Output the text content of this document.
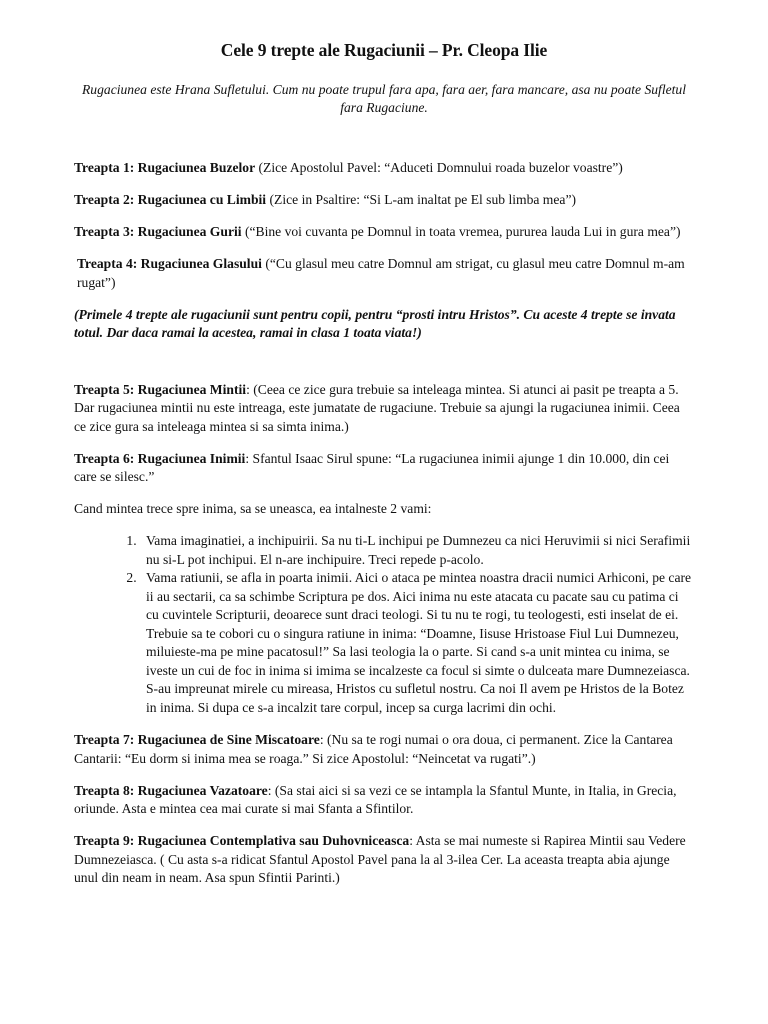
Cele 9 trepte ale Rugaciunii – Pr. Cleopa Ilie
Rugaciunea este Hrana Sufletului. Cum nu poate trupul fara apa, fara aer, fara mancare, asa nu poate Sufletul fara Rugaciune.

Treapta 1: Rugaciunea Buzelor (Zice Apostolul Pavel: “Aduceti Domnului roada buzelor voastre”)

Treapta 2: Rugaciunea cu Limbii (Zice in Psaltire: “Si L-am inaltat pe El sub limba mea”)

Treapta 3: Rugaciunea Gurii (“Bine voi cuvanta pe Domnul in toata vremea, pururea lauda Lui in gura mea”)

Treapta 4: Rugaciunea Glasului (“Cu glasul meu catre Domnul am strigat, cu glasul meu catre Domnul m-am rugat”)

(Primele 4 trepte ale rugaciunii sunt pentru copii, pentru “prosti intru Hristos”. Cu aceste 4 trepte se invata totul. Dar daca ramai la acestea, ramai in clasa 1 toata viata!)

Treapta 5: Rugaciunea Mintii: (Ceea ce zice gura trebuie sa inteleaga mintea. Si atunci ai pasit pe treapta a 5. Dar rugaciunea mintii nu este intreaga, este jumatate de rugaciune. Trebuie sa ajungi la rugaciunea inimii. Ceea ce zice gura sa inteleaga mintea si sa simta inima.)

Treapta 6: Rugaciunea Inimii: Sfantul Isaac Sirul spune: “La rugaciunea inimii ajunge 1 din 10.000, din cei care se silesc.”

Cand mintea trece spre inima, sa se uneasca, ea intalneste 2 vami:

1. Vama imaginatiei, a inchipuirii. Sa nu ti-L inchipui pe Dumnezeu ca nici Heruvimii si nici Serafimii nu si-L pot inchipui. El n-are inchipuire. Treci repede p-acolo.
2. Vama ratiunii, se afla in poarta inimii. Aici o ataca pe mintea noastra dracii numici Arhiconi, pe care ii au sectarii, ca sa schimbe Scriptura pe dos. Aici inima nu este atacata cu pacate sau cu patima ci cu cuvintele Scripturii, deoarece sunt draci teologi. Si tu nu te rogi, tu teologesti, esti inselat de ei. Trebuie sa te cobori cu o singura ratiune in inima: “Doamne, Iisuse Hristoase Fiul Lui Dumnezeu, miluieste-ma pe mine pacatosul!” Sa lasi teologia la o parte. Si cand s-a unit mintea cu inima, se iveste un cui de foc in inima si imima se incalzeste ca focul si simte o dulceata mare Dumnezeiasca. S-au impreunat mirele cu mireasa, Hristos cu sufletul nostru. Ca noi Il avem pe Hristos de la Botez in inima. Si dupa ce s-a incalzit tare corpul, incep sa curga lacrimi din ochi.

Treapta 7: Rugaciunea de Sine Miscatoare: (Nu sa te rogi numai o ora doua, ci permanent. Zice la Cantarea Cantarii: “Eu dorm si inima mea se roaga.” Si zice Apostolul: “Neincetat va rugati”.)

Treapta 8: Rugaciunea Vazatoare: (Sa stai aici si sa vezi ce se intampla la Sfantul Munte, in Italia, in Grecia, oriunde. Asta e mintea cea mai curate si mai Sfanta a Sfintilor.

Treapta 9: Rugaciunea Contemplativa sau Duhovniceasca: Asta se mai numeste si Rapirea Mintii sau Vedere Dumnezeiasca. ( Cu asta s-a ridicat Sfantul Apostol Pavel pana la al 3-ilea Cer. La aceasta treapta abia ajunge unul din neam in neam. Asa spun Sfintii Parinti.)
